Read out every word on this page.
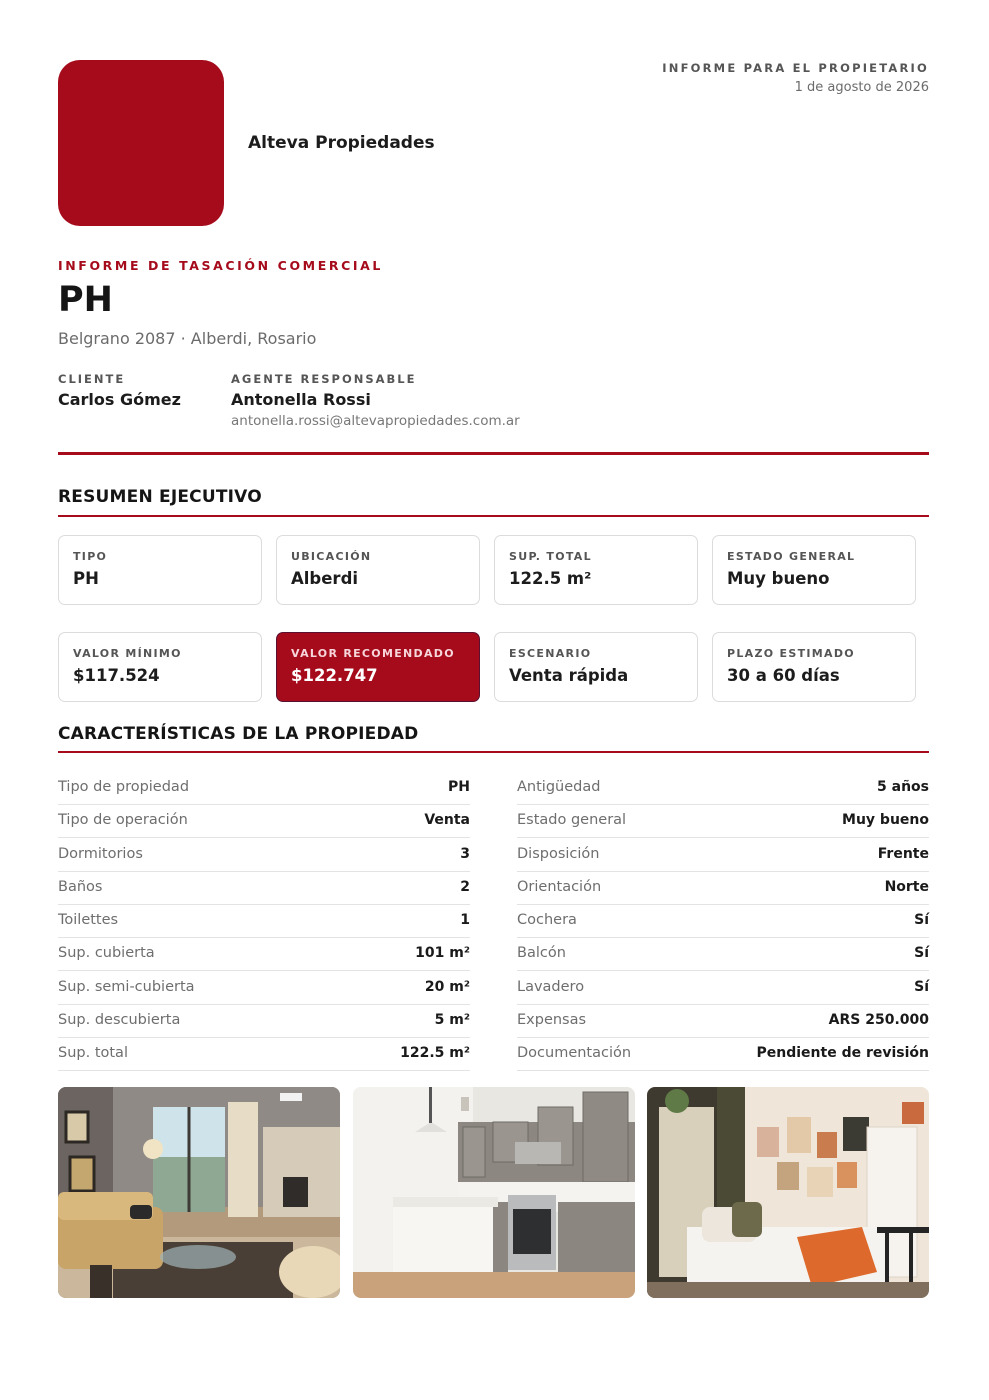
Alteva Propiedades
INFORME PARA EL PROPIETARIO
1 de agosto de 2026
INFORME DE TASACIÓN COMERCIAL
PH
Belgrano 2087 · Alberdi, Rosario
CLIENTE
Carlos Gómez
AGENTE RESPONSABLE
Antonella Rossi
antonella.rossi@altevapropiedades.com.ar
RESUMEN EJECUTIVO
TIPO
PH
UBICACIÓN
Alberdi
SUP. TOTAL
122.5 m²
ESTADO GENERAL
Muy bueno
VALOR MÍNIMO
$117.524
VALOR RECOMENDADO
$122.747
ESCENARIO
Venta rápida
PLAZO ESTIMADO
30 a 60 días
CARACTERÍSTICAS DE LA PROPIEDAD
Tipo de propiedad	PH
Tipo de operación	Venta
Dormitorios	3
Baños	2
Toilettes	1
Sup. cubierta	101 m²
Sup. semi-cubierta	20 m²
Sup. descubierta	5 m²
Sup. total	122.5 m²
Antigüedad	5 años
Estado general	Muy bueno
Disposición	Frente
Orientación	Norte
Cochera	Sí
Balcón	Sí
Lavadero	Sí
Expensas	ARS 250.000
Documentación	Pendiente de revisión
